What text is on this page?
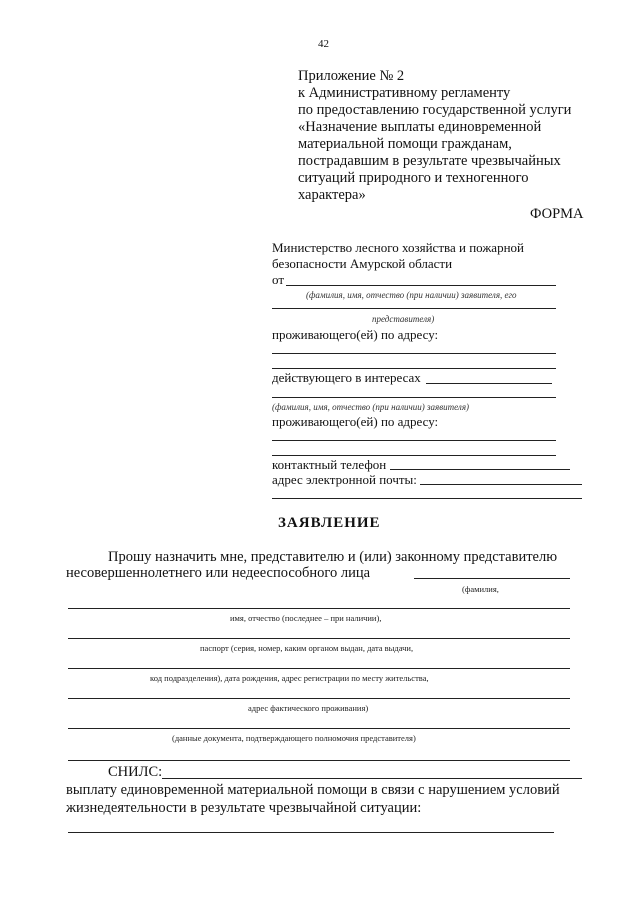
42
Приложение № 2
к Административному регламенту
по предоставлению государственной услуги
«Назначение выплаты единовременной
материальной помощи гражданам,
пострадавшим в результате чрезвычайных
ситуаций природного и техногенного
характера»
ФОРМА
Министерство лесного хозяйства и пожарной
безопасности Амурской области
от
(фамилия, имя, отчество (при наличии) заявителя, его
представителя)
проживающего(ей) по адресу:
действующего в интересах
(фамилия, имя, отчество (при наличии) заявителя)
проживающего(ей) по адресу:
контактный телефон
адрес электронной почты:
ЗАЯВЛЕНИЕ
Прошу назначить мне, представителю и (или) законному представителю
несовершеннолетнего или недееспособного лица
(фамилия,
имя, отчество (последнее – при наличии),
паспорт (серия, номер, каким органом выдан, дата выдачи,
код подразделения), дата рождения, адрес регистрации по месту жительства,
адрес фактического проживания)
(данные документа, подтверждающего полномочия представителя)
СНИЛС:
выплату единовременной материальной помощи в связи с нарушением условий
жизнедеятельности в результате чрезвычайной ситуации:
